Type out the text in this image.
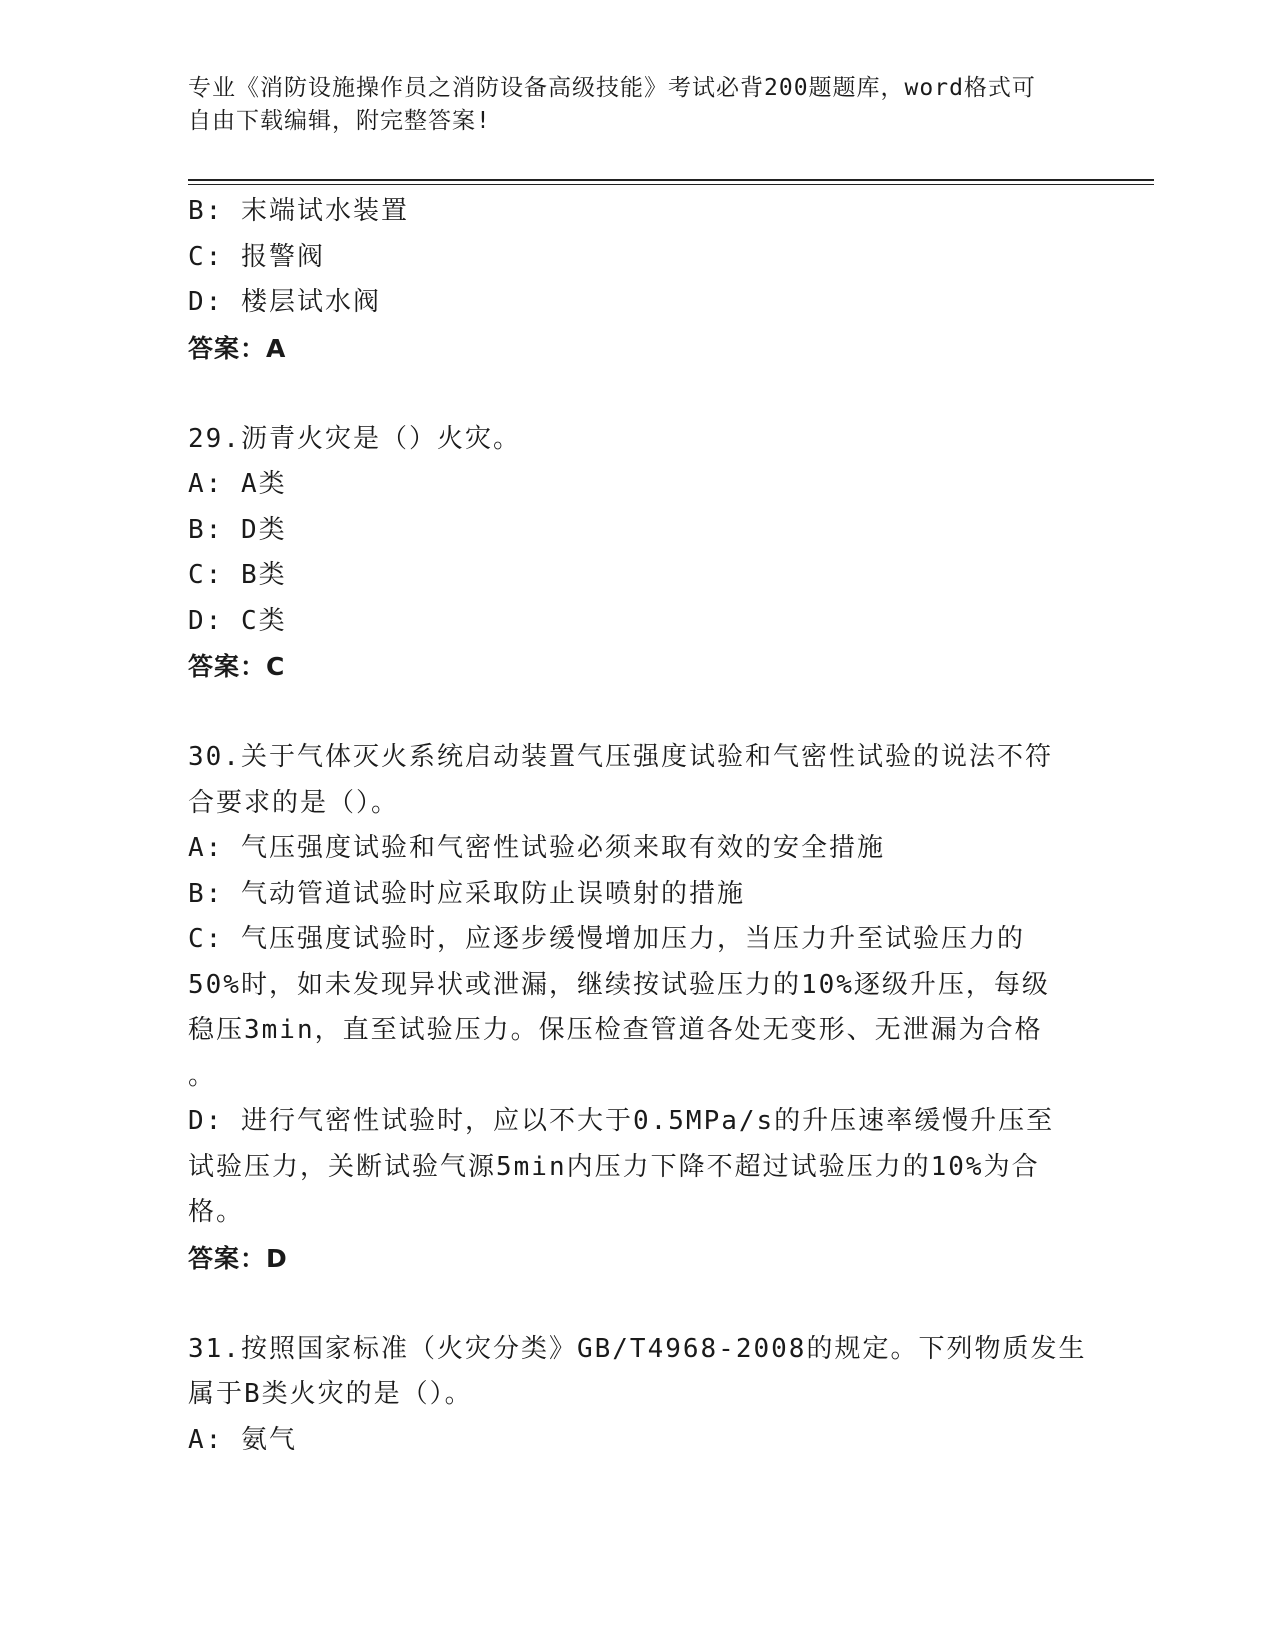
专业《消防设施操作员之消防设备高级技能》考试必背200题题库，word格式可
自由下载编辑，附完整答案!
B: 末端试水装置
C: 报警阀
D: 楼层试水阀
答案：A
29.沥青火灾是（）火灾。
A: A类
B: D类
C: B类
D: C类
答案：C
30.关于气体灭火系统启动装置气压强度试验和气密性试验的说法不符
合要求的是（）。
A: 气压强度试验和气密性试验必须来取有效的安全措施
B: 气动管道试验时应采取防止误喷射的措施
C: 气压强度试验时，应逐步缓慢增加压力，当压力升至试验压力的
50%时，如未发现异状或泄漏，继续按试验压力的10%逐级升压，每级
稳压3min，直至试验压力。保压检查管道各处无变形、无泄漏为合格
。
D: 进行气密性试验时，应以不大于0.5MPa/s的升压速率缓慢升压至
试验压力，关断试验气源5min内压力下降不超过试验压力的10%为合
格。
答案：D
31.按照国家标准（火灾分类》GB/T4968-2008的规定。下列物质发生
属于B类火灾的是（）。
A: 氨气
